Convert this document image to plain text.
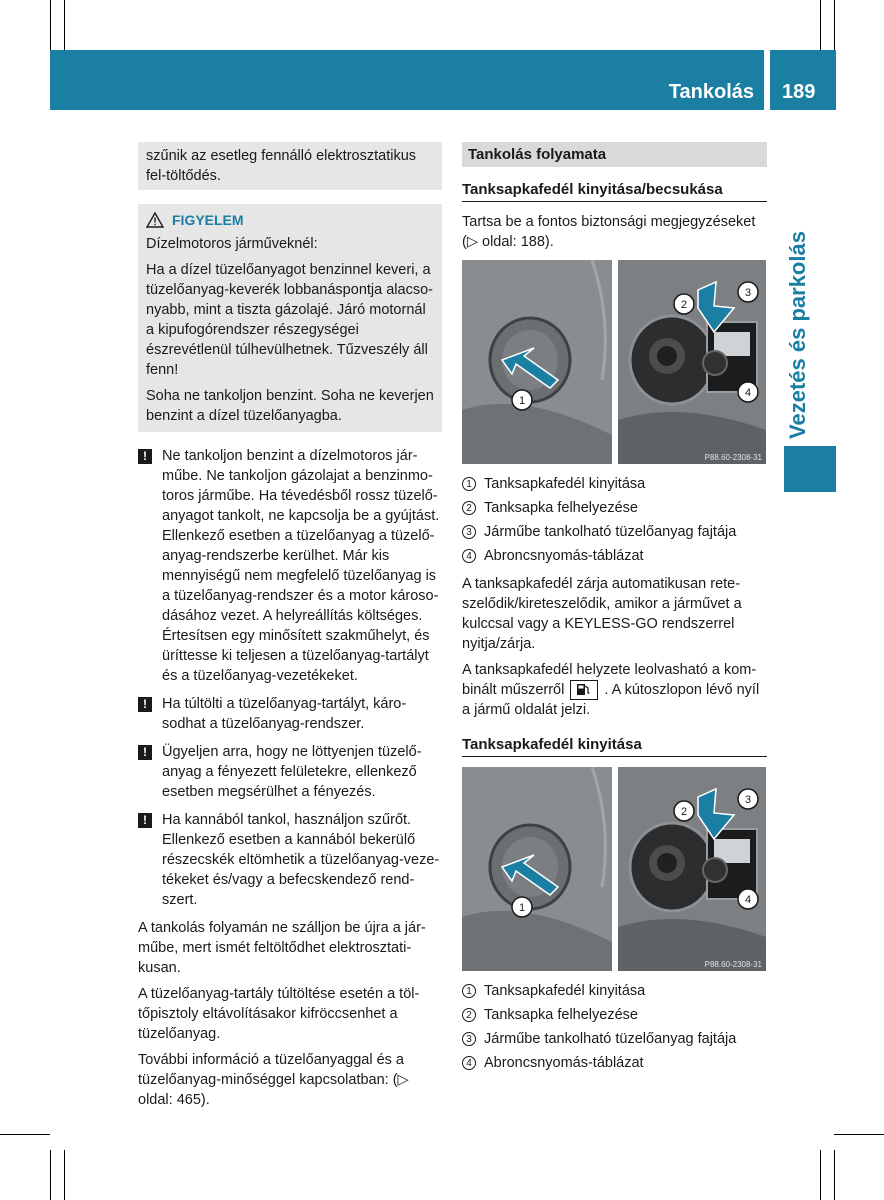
Tankolás 189
Vezetés és parkolás

szűnik az esetleg fennálló elektrosztatikus fel-töltődés.

FIGYELEM

Dízelmotoros járműveknél:

Ha a dízel tüzelőanyagot benzinnel keveri, a tüzelőanyag-keverék lobbanáspontja alacso-nyabb, mint a tiszta gázolajé. Járó motornál a kipufogórendszer részegységei észrevétlenül túlhevülhetnek. Tűzveszély áll fenn!

Soha ne tankoljon benzint. Soha ne keverjen benzint a dízel tüzelőanyagba.

!	Ne tankoljon benzint a dízelmotoros jár-műbe. Ne tankoljon gázolajat a benzinmo-toros járműbe. Ha tévedésből rossz tüzelő-anyagot tankolt, ne kapcsolja be a gyújtást. Ellenkező esetben a tüzelőanyag a tüzelő-anyag-rendszerbe kerülhet. Már kis mennyiségű nem megfelelő tüzelőanyag is a tüzelőanyag-rendszer és a motor károso-dásához vezet. A helyreállítás költséges. Értesítsen egy minősített szakműhelyt, és üríttesse ki teljesen a tüzelőanyag-tartályt és a tüzelőanyag-vezetékeket.

!	Ha túltölti a tüzelőanyag-tartályt, káro-sodhat a tüzelőanyag-rendszer.

!	Ügyeljen arra, hogy ne löttyenjen tüzelő-anyag a fényezett felületekre, ellenkező esetben megsérülhet a fényezés.

!	Ha kannából tankol, használjon szűrőt. Ellenkező esetben a kannából bekerülő részecskék eltömhetik a tüzelőanyag-veze-tékeket és/vagy a befecskendező rend-szert.

A tankolás folyamán ne szálljon be újra a jár-műbe, mert ismét feltöltődhet elektrosztati-kusan.

A tüzelőanyag-tartály túltöltése esetén a töl-tőpisztoly eltávolításakor kifröccsenhet a tüzelőanyag.

További információ a tüzelőanyaggal és a tüzelőanyag-minőséggel kapcsolatban: (▷ oldal: 465).

Tankolás folyamata
Tanksapkafedél kinyitása/becsukása

Tartsa be a fontos biztonsági megjegyzéseket (▷ oldal: 188).

1
2
3
4
P88.60-2308-31
1 Tanksapkafedél kinyitása
2 Tanksapka felhelyezése
3 Járműbe tankolható tüzelőanyag fajtája
4 Abroncsnyomás-táblázat

A tanksapkafedél zárja automatikusan rete-szelődik/kireteszelődik, amikor a járművet a kulccsal vagy a KEYLESS-GO rendszerrel nyitja/zárja.

A tanksapkafedél helyzete leolvasható a kom-binált műszerről	. A kútoszlopon lévő nyíl a jármű oldalát jelzi.

Tanksapkafedél kinyitása
1
2
3
4
P88.60-2308-31
1 Tanksapkafedél kinyitása
2 Tanksapka felhelyezése
3 Járműbe tankolható tüzelőanyag fajtája
4 Abroncsnyomás-táblázat
